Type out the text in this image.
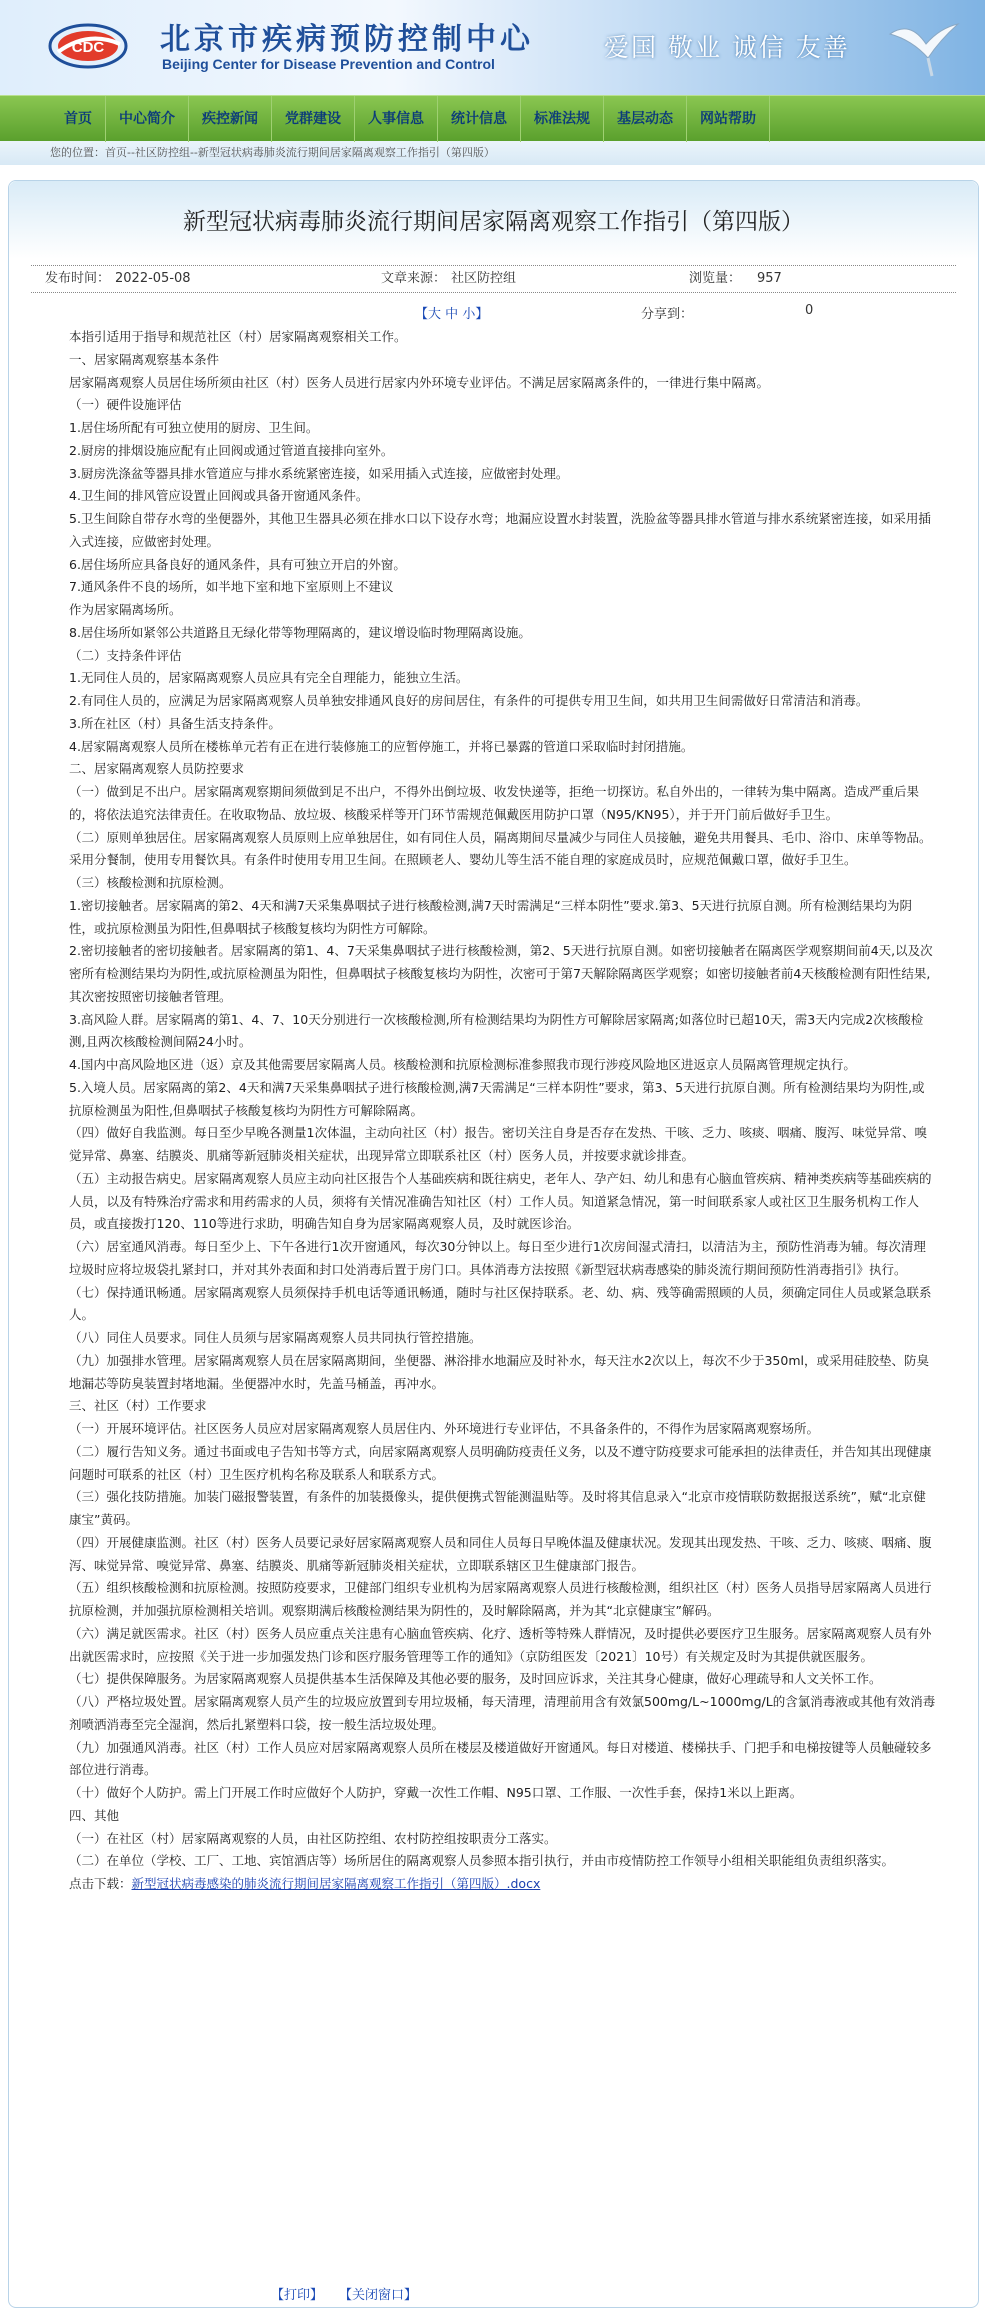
CDC 北京市疾病预防控制中心
Beijing Center for Disease Prevention and Control
爱国 敬业 诚信 友善
首页	中心简介	疾控新闻	党群建设	人事信息	统计信息	标准法规	基层动态	网站帮助
您的位置：首页--社区防控组--新型冠状病毒肺炎流行期间居家隔离观察工作指引（第四版）
新型冠状病毒肺炎流行期间居家隔离观察工作指引（第四版）
发布时间： 2022-05-08	文章来源： 社区防控组	浏览量： 957
【大 中 小】	分享到：	0

本指引适用于指导和规范社区（村）居家隔离观察相关工作。

一、居家隔离观察基本条件

居家隔离观察人员居住场所须由社区（村）医务人员进行居家内外环境专业评估。不满足居家隔离条件的，一律进行集中隔离。

（一）硬件设施评估

1.居住场所配有可独立使用的厨房、卫生间。

2.厨房的排烟设施应配有止回阀或通过管道直接排向室外。

3.厨房洗涤盆等器具排水管道应与排水系统紧密连接，如采用插入式连接，应做密封处理。

4.卫生间的排风管应设置止回阀或具备开窗通风条件。

5.卫生间除自带存水弯的坐便器外，其他卫生器具必须在排水口以下设存水弯；地漏应设置水封装置，洗脸盆等器具排水管道与排水系统紧密连接，如采用插入式连接，应做密封处理。

6.居住场所应具备良好的通风条件，具有可独立开启的外窗。

7.通风条件不良的场所，如半地下室和地下室原则上不建议
作为居家隔离场所。

8.居住场所如紧邻公共道路且无绿化带等物理隔离的，建议增设临时物理隔离设施。

（二）支持条件评估

1.无同住人员的，居家隔离观察人员应具有完全自理能力，能独立生活。

2.有同住人员的，应满足为居家隔离观察人员单独安排通风良好的房间居住，有条件的可提供专用卫生间，如共用卫生间需做好日常清洁和消毒。

3.所在社区（村）具备生活支持条件。

4.居家隔离观察人员所在楼栋单元若有正在进行装修施工的应暂停施工，并将已暴露的管道口采取临时封闭措施。

二、居家隔离观察人员防控要求

（一）做到足不出户。居家隔离观察期间须做到足不出户，不得外出倒垃圾、收发快递等，拒绝一切探访。私自外出的，一律转为集中隔离。造成严重后果的，将依法追究法律责任。在收取物品、放垃圾、核酸采样等开门环节需规范佩戴医用防护口罩（N95/KN95），并于开门前后做好手卫生。

（二）原则单独居住。居家隔离观察人员原则上应单独居住，如有同住人员，隔离期间尽量减少与同住人员接触，避免共用餐具、毛巾、浴巾、床单等物品。采用分餐制，使用专用餐饮具。有条件时使用专用卫生间。在照顾老人、婴幼儿等生活不能自理的家庭成员时，应规范佩戴口罩，做好手卫生。

（三）核酸检测和抗原检测。

1.密切接触者。居家隔离的第2、4天和满7天采集鼻咽拭子进行核酸检测,满7天时需满足“三样本阴性”要求.第3、5天进行抗原自测。所有检测结果均为阴性，或抗原检测虽为阳性,但鼻咽拭子核酸复核均为阴性方可解除。

2.密切接触者的密切接触者。居家隔离的第1、4、7天采集鼻咽拭子进行核酸检测，第2、5天进行抗原自测。如密切接触者在隔离医学观察期间前4天,以及次密所有检测结果均为阴性,或抗原检测虽为阳性，但鼻咽拭子核酸复核均为阴性，次密可于第7天解除隔离医学观察；如密切接触者前4天核酸检测有阳性结果,其次密按照密切接触者管理。

3.高风险人群。居家隔离的第1、4、7、10天分别进行一次核酸检测,所有检测结果均为阴性方可解除居家隔离;如落位时已超10天，需3天内完成2次核酸检测,且两次核酸检测间隔24小时。

4.国内中高风险地区进（返）京及其他需要居家隔离人员。核酸检测和抗原检测标准参照我市现行涉疫风险地区进返京人员隔离管理规定执行。

5.入境人员。居家隔离的第2、4天和满7天采集鼻咽拭子进行核酸检测,满7天需满足“三样本阴性”要求，第3、5天进行抗原自测。所有检测结果均为阴性,或抗原检测虽为阳性,但鼻咽拭子核酸复核均为阴性方可解除隔离。

（四）做好自我监测。每日至少早晚各测量1次体温，主动向社区（村）报告。密切关注自身是否存在发热、干咳、乏力、咳痰、咽痛、腹泻、味觉异常、嗅觉异常、鼻塞、结膜炎、肌痛等新冠肺炎相关症状，出现异常立即联系社区（村）医务人员，并按要求就诊排查。

（五）主动报告病史。居家隔离观察人员应主动向社区报告个人基础疾病和既往病史，老年人、孕产妇、幼儿和患有心脑血管疾病、精神类疾病等基础疾病的人员，以及有特殊治疗需求和用药需求的人员，须将有关情况准确告知社区（村）工作人员。知道紧急情况，第一时间联系家人或社区卫生服务机构工作人员，或直接拨打120、110等进行求助，明确告知自身为居家隔离观察人员，及时就医诊治。

（六）居室通风消毒。每日至少上、下午各进行1次开窗通风，每次30分钟以上。每日至少进行1次房间湿式清扫，以清洁为主，预防性消毒为辅。每次清理垃圾时应将垃圾袋扎紧封口，并对其外表面和封口处消毒后置于房门口。具体消毒方法按照《新型冠状病毒感染的肺炎流行期间预防性消毒指引》执行。

（七）保持通讯畅通。居家隔离观察人员须保持手机电话等通讯畅通，随时与社区保持联系。老、幼、病、残等确需照顾的人员，须确定同住人员或紧急联系人。

（八）同住人员要求。同住人员须与居家隔离观察人员共同执行管控措施。

（九）加强排水管理。居家隔离观察人员在居家隔离期间，坐便器、淋浴排水地漏应及时补水，每天注水2次以上，每次不少于350ml，或采用硅胶垫、防臭地漏芯等防臭装置封堵地漏。坐便器冲水时，先盖马桶盖，再冲水。

三、社区（村）工作要求

（一）开展环境评估。社区医务人员应对居家隔离观察人员居住内、外环境进行专业评估，不具备条件的，不得作为居家隔离观察场所。

（二）履行告知义务。通过书面或电子告知书等方式，向居家隔离观察人员明确防疫责任义务，以及不遵守防疫要求可能承担的法律责任，并告知其出现健康问题时可联系的社区（村）卫生医疗机构名称及联系人和联系方式。

（三）强化技防措施。加装门磁报警装置，有条件的加装摄像头，提供便携式智能测温贴等。及时将其信息录入“北京市疫情联防数据报送系统”，赋“北京健康宝”黄码。

（四）开展健康监测。社区（村）医务人员要记录好居家隔离观察人员和同住人员每日早晚体温及健康状况。发现其出现发热、干咳、乏力、咳痰、咽痛、腹泻、味觉异常、嗅觉异常、鼻塞、结膜炎、肌痛等新冠肺炎相关症状，立即联系辖区卫生健康部门报告。

（五）组织核酸检测和抗原检测。按照防疫要求，卫健部门组织专业机构为居家隔离观察人员进行核酸检测，组织社区（村）医务人员指导居家隔离人员进行抗原检测，并加强抗原检测相关培训。观察期满后核酸检测结果为阴性的，及时解除隔离，并为其“北京健康宝”解码。

（六）满足就医需求。社区（村）医务人员应重点关注患有心脑血管疾病、化疗、透析等特殊人群情况，及时提供必要医疗卫生服务。居家隔离观察人员有外出就医需求时，应按照《关于进一步加强发热门诊和医疗服务管理等工作的通知》（京防组医发〔2021〕10号）有关规定及时为其提供就医服务。

（七）提供保障服务。为居家隔离观察人员提供基本生活保障及其他必要的服务，及时回应诉求，关注其身心健康，做好心理疏导和人文关怀工作。

（八）严格垃圾处置。居家隔离观察人员产生的垃圾应放置到专用垃圾桶，每天清理，清理前用含有效氯500mg/L~1000mg/L的含氯消毒液或其他有效消毒剂喷洒消毒至完全湿润，然后扎紧塑料口袋，按一般生活垃圾处理。

（九）加强通风消毒。社区（村）工作人员应对居家隔离观察人员所在楼层及楼道做好开窗通风。每日对楼道、楼梯扶手、门把手和电梯按键等人员触碰较多部位进行消毒。

（十）做好个人防护。需上门开展工作时应做好个人防护，穿戴一次性工作帽、N95口罩、工作服、一次性手套，保持1米以上距离。

四、其他

（一）在社区（村）居家隔离观察的人员，由社区防控组、农村防控组按职责分工落实。

（二）在单位（学校、工厂、工地、宾馆酒店等）场所居住的隔离观察人员参照本指引执行，并由市疫情防控工作领导小组相关职能组负责组织落实。

点击下载：新型冠状病毒感染的肺炎流行期间居家隔离观察工作指引（第四版）.docx

【打印】 【关闭窗口】
